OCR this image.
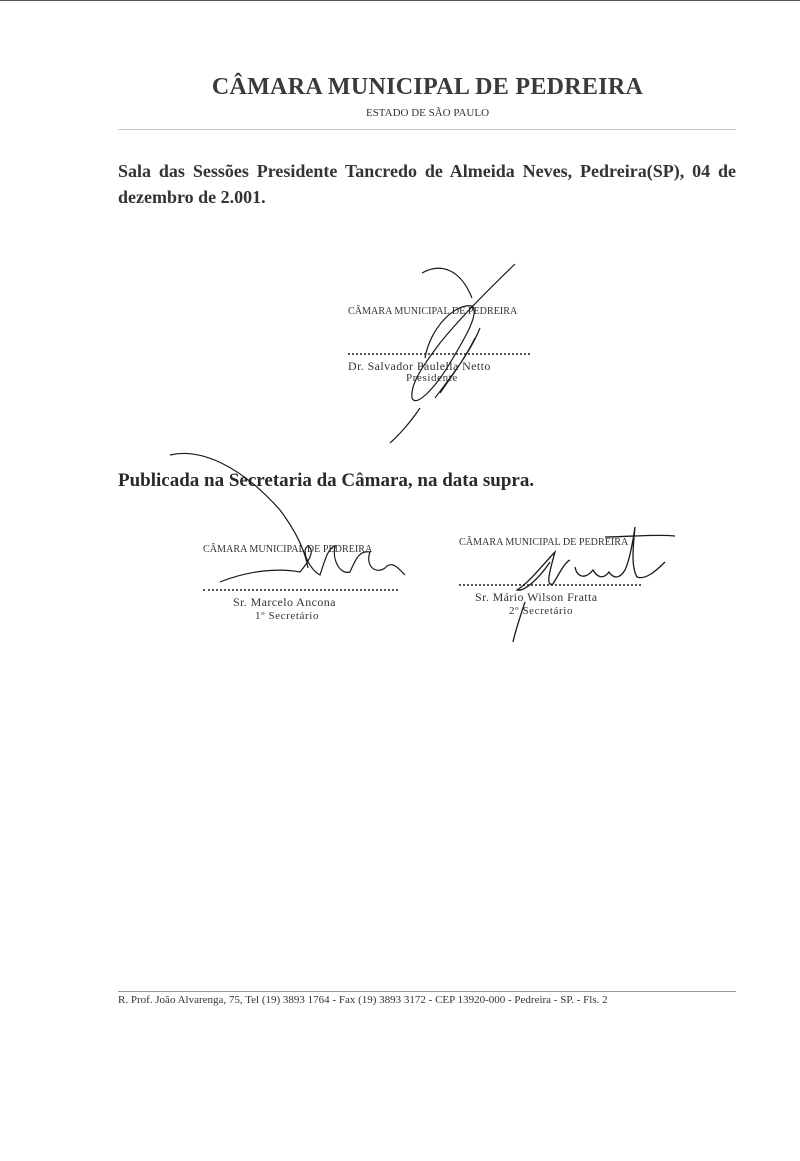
CÂMARA MUNICIPAL DE PEDREIRA
ESTADO DE SÃO PAULO
Sala das Sessões Presidente Tancredo de Almeida Neves, Pedreira(SP), 04 de dezembro de 2.001.
CÂMARA MUNICIPAL DE PEDREIRA
Dr. Salvador Paulella Netto
Presidente
Publicada na Secretaria da Câmara, na data supra.
CÂMARA MUNICIPAL DE PEDREIRA
Sr. Marcelo Ancona
1º Secretário
CÂMARA MUNICIPAL DE PEDREIRA
Sr. Mário Wilson Fratta
2º Secretário
R. Prof. João Alvarenga, 75, Tel (19) 3893 1764 - Fax (19) 3893 3172 - CEP 13920-000 - Pedreira - SP. - Fls. 2
